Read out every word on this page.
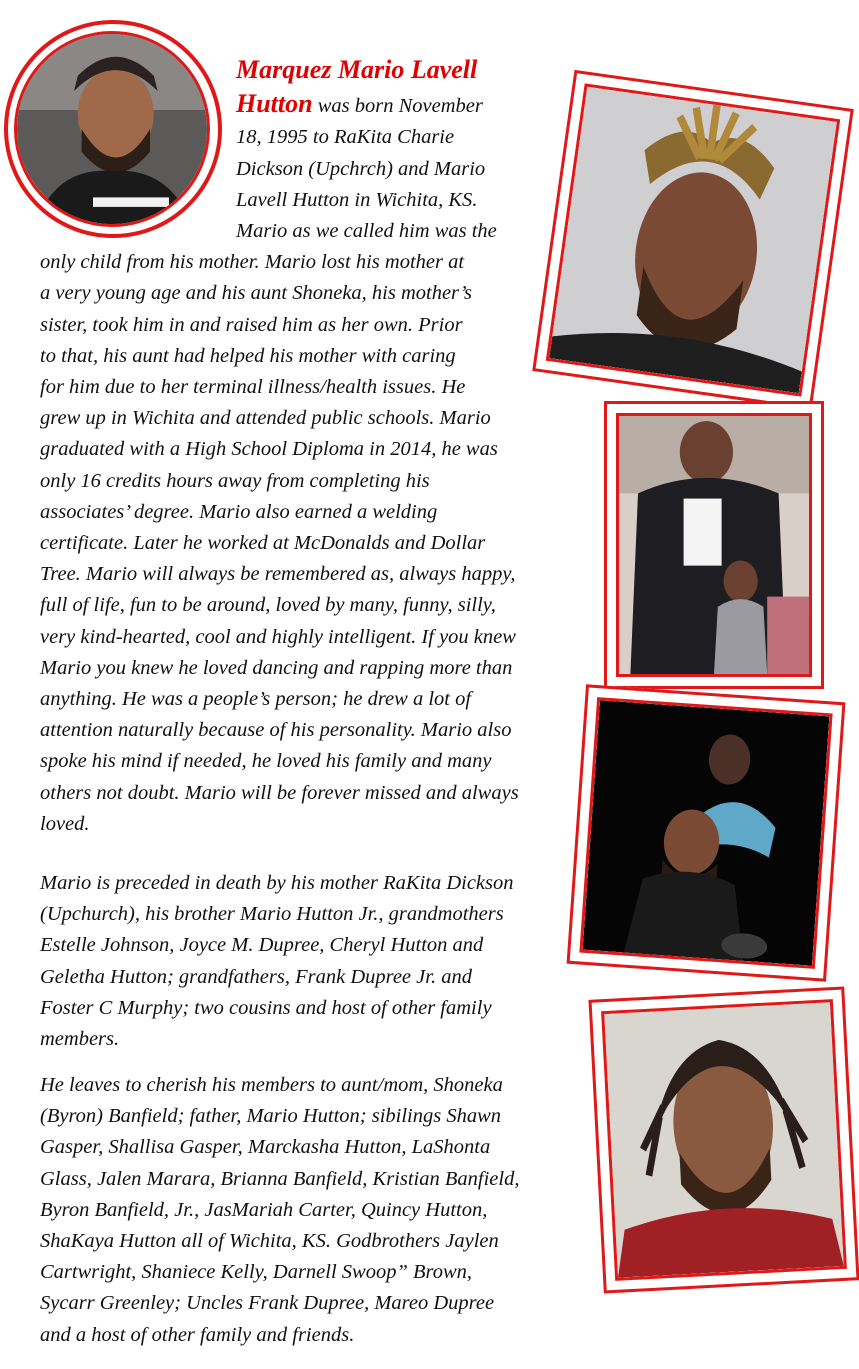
Marquez Mario Lavell
Hutton was born November
18, 1995 to RaKita Charie
Dickson (Upchrch) and Mario
Lavell Hutton in Wichita, KS.
Mario as we called him was the
only child from his mother. Mario lost his mother at
a very young age and his aunt Shoneka, his mother’s
sister, took him in and raised him as her own. Prior
to that, his aunt had helped his mother with caring
for him due to her terminal illness/health issues. He
grew up in Wichita and attended public schools. Mario
graduated with a High School Diploma in 2014, he was
only 16 credits hours away from completing his
associates’ degree. Mario also earned a welding
certificate. Later he worked at McDonalds and Dollar
Tree. Mario will always be remembered as, always happy,
full of life, fun to be around, loved by many, funny, silly,
very kind-hearted, cool and highly intelligent. If you knew
Mario you knew he loved dancing and rapping more than
anything. He was a people’s person; he drew a lot of
attention naturally because of his personality. Mario also
spoke his mind if needed, he loved his family and many
others not doubt. Mario will be forever missed and always
loved.
Mario is preceded in death by his mother RaKita Dickson
(Upchurch), his brother Mario Hutton Jr., grandmothers
Estelle Johnson, Joyce M. Dupree, Cheryl Hutton and
Geletha Hutton; grandfathers, Frank Dupree Jr. and
Foster C Murphy; two cousins and host of other family
members.
He leaves to cherish his members to aunt/mom, Shoneka
(Byron) Banfield; father, Mario Hutton; sibilings Shawn
Gasper, Shallisa Gasper, Marckasha Hutton, LaShonta
Glass, Jalen Marara, Brianna Banfield, Kristian Banfield,
Byron Banfield, Jr., JasMariah Carter, Quincy Hutton,
ShaKaya Hutton all of Wichita, KS. Godbrothers Jaylen
Cartwright, Shaniece Kelly, Darnell Swoop” Brown,
Sycarr Greenley; Uncles Frank Dupree, Mareo Dupree
and a host of other family and friends.
